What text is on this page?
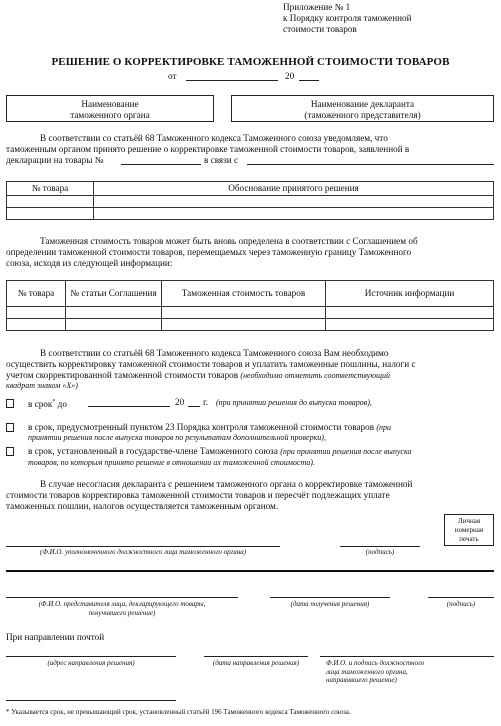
Приложение № 1
к Порядку контроля таможенной
стоимости товаров
РЕШЕНИЕ О КОРРЕКТИРОВКЕ ТАМОЖЕННОЙ СТОИМОСТИ ТОВАРОВ
от	20
Наименование
таможенного органа
Наименование декларанта
(таможенного представителя)
В соответствии со статьёй 68 Таможенного кодекса Таможенного союза уведомляем, что
таможенным органом принято решение о корректировке таможенной стоимости товаров, заявленной в
декларации на товары №	в связи с
№ товара	Обоснование принятого решения

Таможенная стоимость товаров может быть вновь определена в соответствии с Соглашением об
определении таможенной стоимости товаров, перемещаемых через таможенную границу Таможенного
союза, исходя из следующей информации:
№ товара	№ статьи Соглашения	Таможенная стоимость товаров	Источник информации

В соответствии со статьёй 68 Таможенного кодекса Таможенного союза Вам необходимо
осуществить корректировку таможенной стоимости товаров и уплатить таможенные пошлины, налоги с
учетом скорректированной таможенной стоимости товаров (необходимо отметить соответствующий
квадрат знаком «Х»)
в срок* до	20 г. (при принятии решения до выпуска товаров),
в срок, предусмотренный пунктом 23 Порядка контроля таможенной стоимости товаров (при
принятии решения после выпуска товаров по результатам дополнительной проверки),
в срок, установленный в государстве-члене Таможенного союза (при принятии решения после выпуска
товаров, по которым принято решение в отношении их таможенной стоимости).
В случае несогласия декларанта с решением таможенного органа о корректировке таможенной
стоимости товаров корректировка таможенной стоимости товаров и пересчёт подлежащих уплате
таможенных пошлин, налогов осуществляется таможенным органом.
Личная
номерная
печать
(Ф.И.О. уполномоченного должностного лица таможенного органа)	(подпись)
(Ф.И.О. представителя лица, декларирующего товары,
получившего решение)
(дата получения решения)	(подпись)
При направлении почтой
(адрес направления решения)	(дата направления решения)	Ф.И.О. и подпись должностного
лица таможенного органа,
направившего решение)
* Указывается срок, не превышающий срок, установленный статьёй 196 Таможенного кодекса Таможенного союза.
